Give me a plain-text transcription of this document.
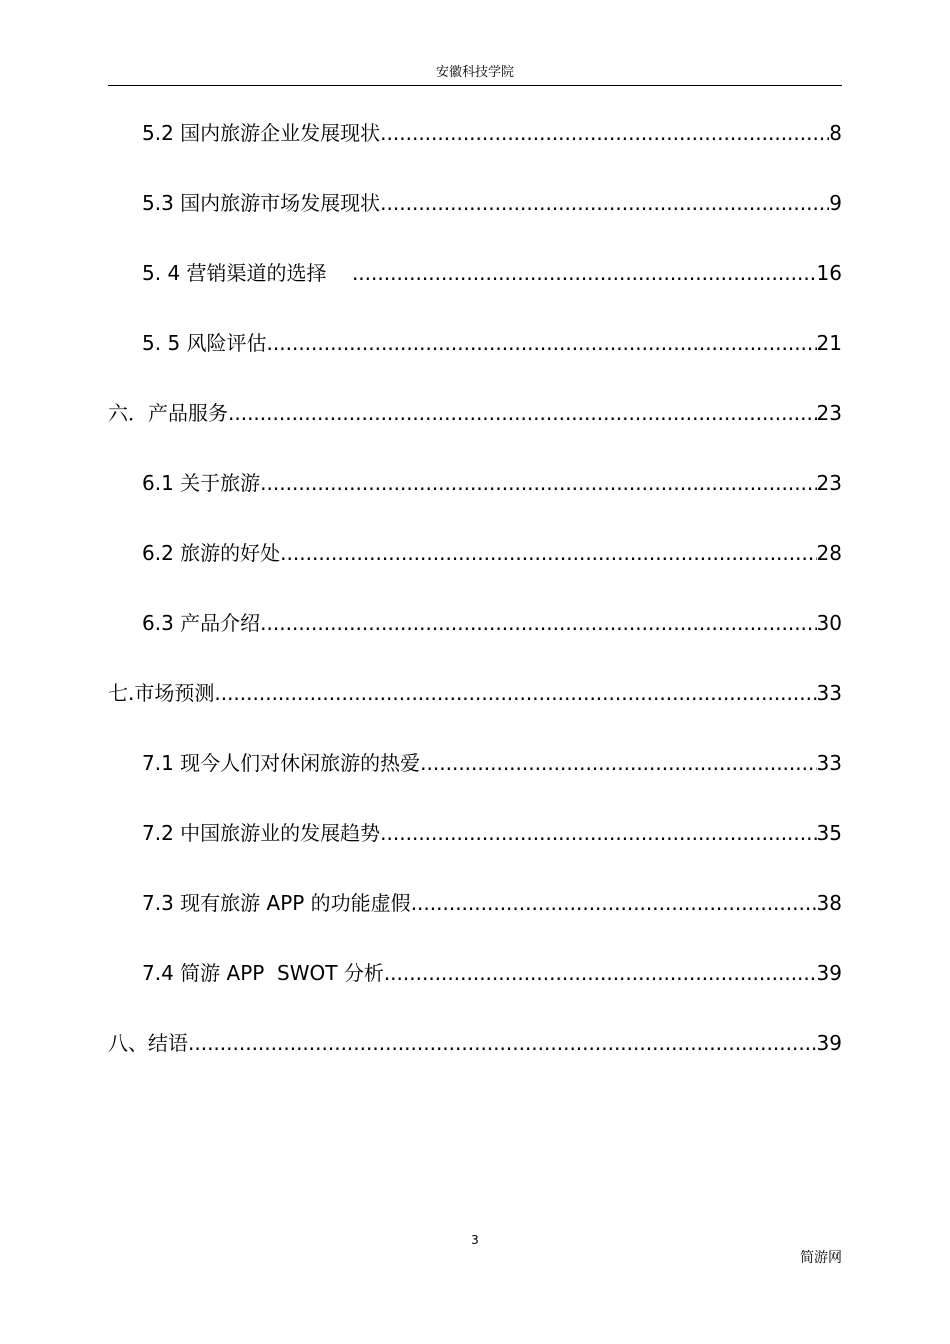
安徽科技学院
5.2 国内旅游企业发展现状 .....	8
5.3 国内旅游市场发展现状 .....	9
5. 4 营销渠道的选择 .....	16
5. 5 风险评估 .....	21
六．产品服务 .....	23
6.1 关于旅游 .....	23
6.2 旅游的好处 .....	28
6.3 产品介绍 .....	30
七.市场预测 .....	33
7.1 现今人们对休闲旅游的热爱 .....	33
7.2 中国旅游业的发展趋势 .....	35
7.3 现有旅游 APP 的功能虚假 .....	38
7.4 简游 APP  SWOT 分析 .....	39
八、结语 .....	39
3
简游网
